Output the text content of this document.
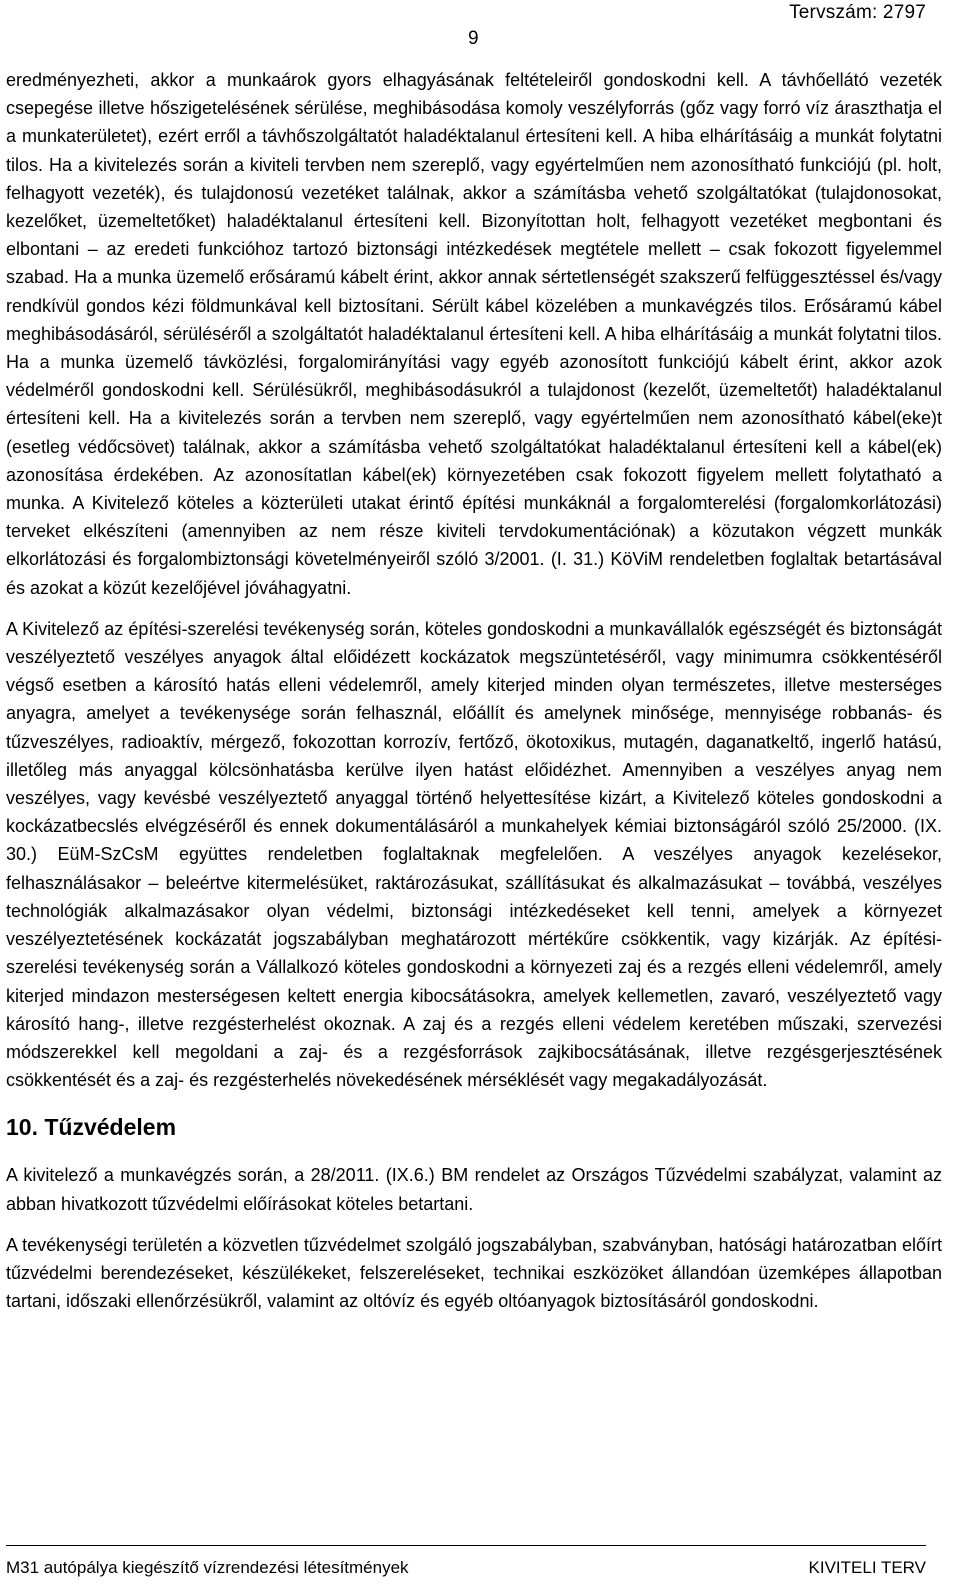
Tervszám: 2797
9

eredményezheti, akkor a munkaárok gyors elhagyásának feltételeiről gondoskodni kell. A távhőellátó vezeték csepegése illetve hőszigetelésének sérülése, meghibásodása komoly veszélyforrás (gőz vagy forró víz áraszthatja el a munkaterületet), ezért erről a távhőszolgáltatót haladéktalanul értesíteni kell. A hiba elhárításáig a munkát folytatni tilos. Ha a kivitelezés során a kiviteli tervben nem szereplő, vagy egyértelműen nem azonosítható funkciójú (pl. holt, felhagyott vezeték), és tulajdonosú vezetéket találnak, akkor a számításba vehető szolgáltatókat (tulajdonosokat, kezelőket, üzemeltetőket) haladéktalanul értesíteni kell. Bizonyítottan holt, felhagyott vezetéket megbontani és elbontani – az eredeti funkcióhoz tartozó biztonsági intézkedések megtétele mellett – csak fokozott figyelemmel szabad. Ha a munka üzemelő erősáramú kábelt érint, akkor annak sértetlenségét szakszerű felfüggesztéssel és/vagy rendkívül gondos kézi földmunkával kell biztosítani. Sérült kábel közelében a munkavégzés tilos. Erősáramú kábel meghibásodásáról, sérüléséről a szolgáltatót haladéktalanul értesíteni kell. A hiba elhárításáig a munkát folytatni tilos. Ha a munka üzemelő távközlési, forgalomirányítási vagy egyéb azonosított funkciójú kábelt érint, akkor azok védelméről gondoskodni kell. Sérülésükről, meghibásodásukról a tulajdonost (kezelőt, üzemeltetőt) haladéktalanul értesíteni kell. Ha a kivitelezés során a tervben nem szereplő, vagy egyértelműen nem azonosítható kábel(eke)t (esetleg védőcsövet) találnak, akkor a számításba vehető szolgáltatókat haladéktalanul értesíteni kell a kábel(ek) azonosítása érdekében. Az azonosítatlan kábel(ek) környezetében csak fokozott figyelem mellett folytatható a munka. A Kivitelező köteles a közterületi utakat érintő építési munkáknál a forgalomterelési (forgalomkorlátozási) terveket elkészíteni (amennyiben az nem része kiviteli tervdokumentációnak) a közutakon végzett munkák elkorlátozási és forgalombiztonsági követelményeiről szóló 3/2001. (I. 31.) KöViM rendeletben foglaltak betartásával és azokat a közút kezelőjével jóváhagyatni.

A Kivitelező az építési-szerelési tevékenység során, köteles gondoskodni a munkavállalók egészségét és biztonságát veszélyeztető veszélyes anyagok által előidézett kockázatok megszüntetéséről, vagy minimumra csökkentéséről végső esetben a károsító hatás elleni védelemről, amely kiterjed minden olyan természetes, illetve mesterséges anyagra, amelyet a tevékenysége során felhasznál, előállít és amelynek minősége, mennyisége robbanás- és tűzveszélyes, radioaktív, mérgező, fokozottan korrozív, fertőző, ökotoxikus, mutagén, daganatkeltő, ingerlő hatású, illetőleg más anyaggal kölcsönhatásba kerülve ilyen hatást előidézhet. Amennyiben a veszélyes anyag nem veszélyes, vagy kevésbé veszélyeztető anyaggal történő helyettesítése kizárt, a Kivitelező köteles gondoskodni a kockázatbecslés elvégzéséről és ennek dokumentálásáról a munkahelyek kémiai biztonságáról szóló 25/2000. (IX. 30.) EüM-SzCsM együttes rendeletben foglaltaknak megfelelően. A veszélyes anyagok kezelésekor, felhasználásakor – beleértve kitermelésüket, raktározásukat, szállításukat és alkalmazásukat – továbbá, veszélyes technológiák alkalmazásakor olyan védelmi, biztonsági intézkedéseket kell tenni, amelyek a környezet veszélyeztetésének kockázatát jogszabályban meghatározott mértékűre csökkentik, vagy kizárják. Az építési-szerelési tevékenység során a Vállalkozó köteles gondoskodni a környezeti zaj és a rezgés elleni védelemről, amely kiterjed mindazon mesterségesen keltett energia kibocsátásokra, amelyek kellemetlen, zavaró, veszélyeztető vagy károsító hang-, illetve rezgésterhelést okoznak. A zaj és a rezgés elleni védelem keretében műszaki, szervezési módszerekkel kell megoldani a zaj- és a rezgésforrások zajkibocsátásának, illetve rezgésgerjesztésének csökkentését és a zaj- és rezgésterhelés növekedésének mérséklését vagy megakadályozását.

10. Tűzvédelem

A kivitelező a munkavégzés során, a 28/2011. (IX.6.) BM rendelet az Országos Tűzvédelmi szabályzat, valamint az abban hivatkozott tűzvédelmi előírásokat köteles betartani.

A tevékenységi területén a közvetlen tűzvédelmet szolgáló jogszabályban, szabványban, hatósági határozatban előírt tűzvédelmi berendezéseket, készülékeket, felszereléseket, technikai eszközöket állandóan üzemképes állapotban tartani, időszaki ellenőrzésükről, valamint az oltóvíz és egyéb oltóanyagok biztosításáról gondoskodni.

M31 autópálya kiegészítő vízrendezési létesítmények	KIVITELI TERV
